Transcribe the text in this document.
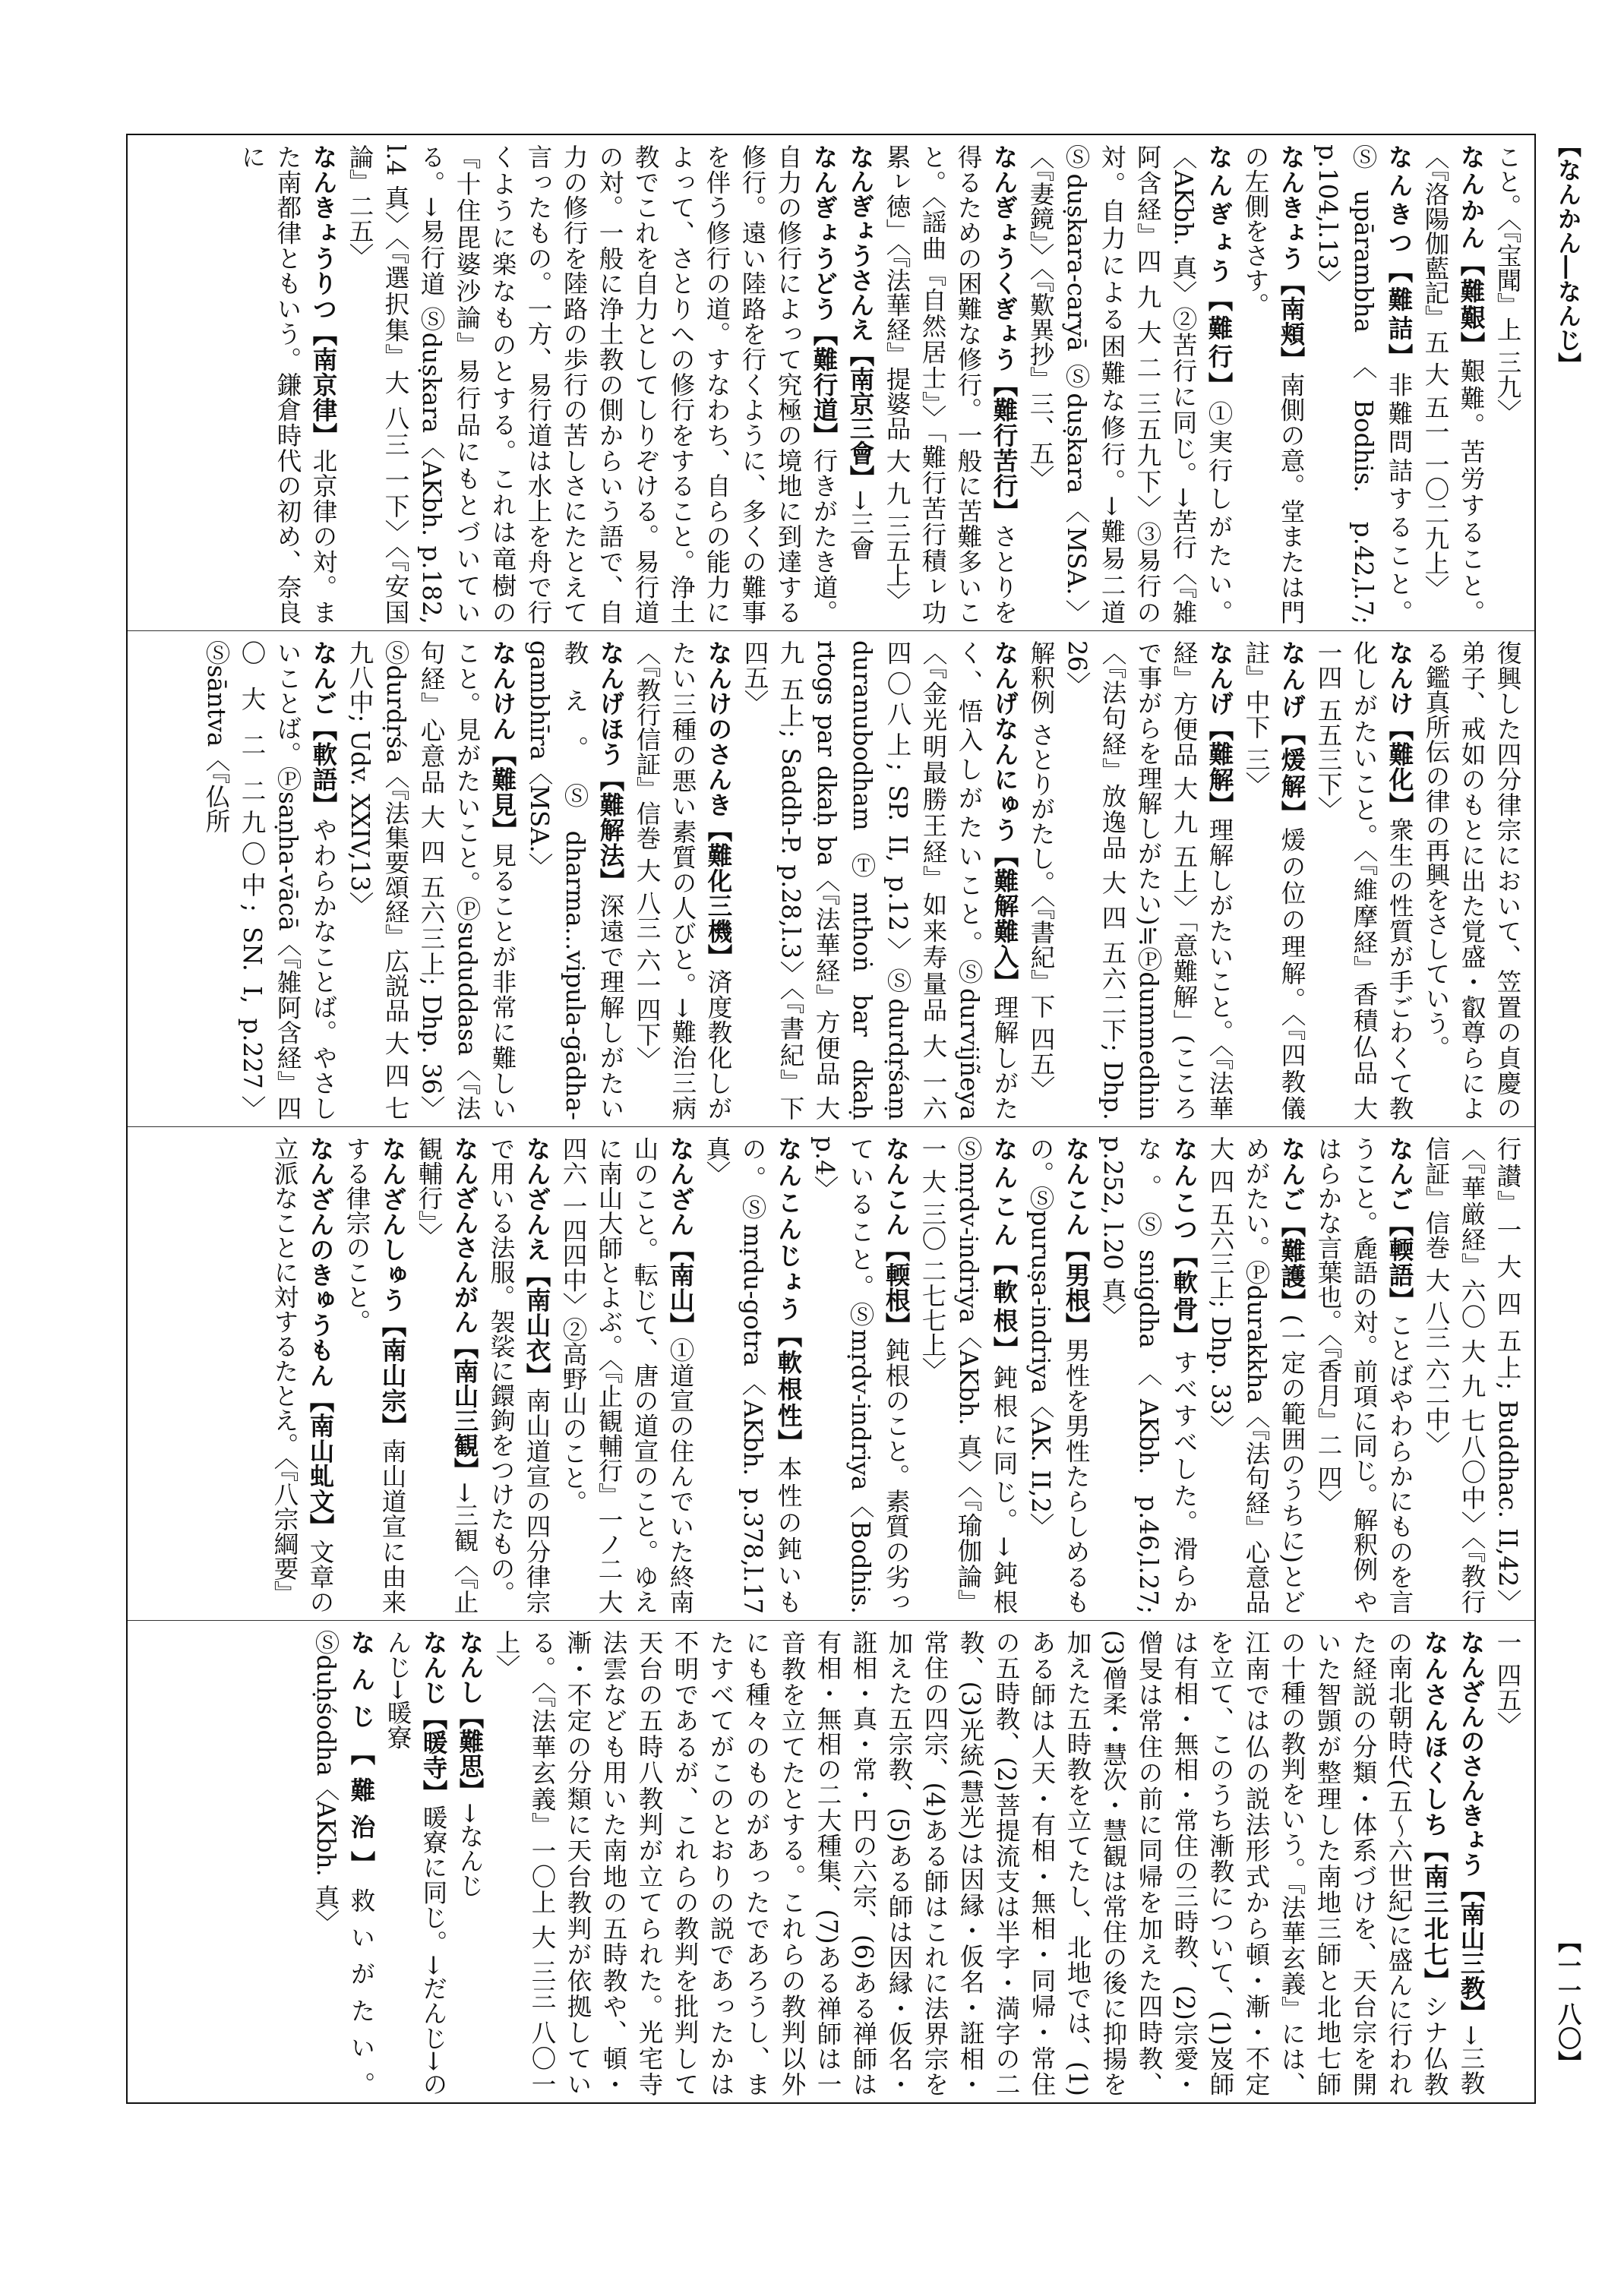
【なんかん―なんじ】
【一一八〇】

こと。〈『宝聞』上 三九〉

なんかん【難艱】艱難。苦労すること。〈『洛陽伽藍記』五 大 五一 一〇二九上〉

なんきつ【難詰】非難問詰すること。Ⓢupārambha〈Bodhis. p.42,l.7; p.104,l.13〉

なんきょう【南頬】南側の意。堂または門の左側をさす。

なんぎょう【難行】①実行しがたい。〈AKbh. 真〉②苦行に同じ。→苦行〈『雑阿含経』四 九 大 二 三五九下〉③易行の対。自力による困難な修行。→難易二道 Ⓢduṣkara-caryā Ⓢduṣkara〈MSA.〉〈『妻鏡』〉〈『歎異抄』三、五〉

なんぎょうくぎょう【難行苦行】さとりを得るための困難な修行。一般に苦難多いこと。〈謡曲『自然居士』〉「難行苦行積ㇾ功累ㇾ徳」〈『法華経』提婆品 大 九 三五上〉

なんぎょうさんえ【南京三會】→三會

なんぎょうどう【難行道】行きがたき道。自力の修行によって究極の境地に到達する修行。遠い陸路を行くように、多くの難事を伴う修行の道。すなわち、自らの能力によって、さとりへの修行をすること。浄土教でこれを自力としてしりぞける。易行道の対。一般に浄土教の側からいう語で、自力の修行を陸路の歩行の苦しさにたとえて言ったもの。一方、易行道は水上を舟で行くように楽なものとする。これは竜樹の『十住毘婆沙論』易行品にもとづいている。→易行道 Ⓢduṣkara〈AKbh. p.182, l.4 真〉〈『選択集』大 八三 一下〉〈『安国論』二五〉

なんきょうりつ【南京律】北京律の対。また南都律ともいう。鎌倉時代の初め、奈良に

復興した四分律宗において、笠置の貞慶の弟子、戒如のもとに出た覚盛・叡尊らによる鑑真所伝の律の再興をさしていう。

なんけ【難化】衆生の性質が手ごわくて教化しがたいこと。〈『維摩経』香積仏品 大 一四 五五三下〉

なんげ【煖解】煖の位の理解。〈『四教儀註』中下 三〉

なんげ【難解】理解しがたいこと。〈『法華経』方便品 大 九 五上〉「意難解」(こころで事がらを理解しがたい)≒Ⓟdummedhin〈『法句経』放逸品 大 四 五六二下; Dhp. 26〉

解釈例 さとりがたし。〈『書紀』下 四五〉

なんげなんにゅう【難解難入】理解しがたく、悟入しがたいこと。Ⓢdurvijñeya〈『金光明最勝王経』如来寿量品 大 一六 四〇八上; SP. II, p.12〉Ⓢdurdṛśaṃ duranubodham Ⓣmthoṅ bar dkaḥ rtogs par dkaḥ ba〈『法華経』方便品 大 九 五上; Saddh-P. p.28,l.3〉〈『書紀』下 四五〉

なんけのさんき【難化三機】済度教化しがたい三種の悪い素質の人びと。→難治三病〈『教行信証』信巻 大 八三 六一四下〉

なんげほう【難解法】深遠で理解しがたい教え。Ⓢdharma...vipula-gādha-gambhīra〈MSA.〉

なんけん【難見】見ることが非常に難しいこと。見がたいこと。Ⓟsududdasa〈『法句経』心意品 大 四 五六三上; Dhp. 36〉Ⓢdurdṛśa〈『法集要頌経』広説品 大 四 七九八中; Udv. XXIV,13〉

なんご【軟語】やわらかなことば。やさしいことば。Ⓟsaṇha-vācā〈『雑阿含経』四〇 大 二 二九〇中; SN. I, p.227〉Ⓢsāntva〈『仏所

行讃』一 大 四 五上; Buddhac. II,42〉〈『華厳経』六〇 大 九 七八〇中〉〈『教行信証』信巻 大 八三 六二中〉

なんご【輭語】ことばやわらかにものを言うこと。麁語の対。前項に同じ。解釈例 やはらかな言葉也。〈『香月』二 四〉

なんご【難護】(一定の範囲のうちに)とどめがたい。Ⓟdurakkha〈『法句経』心意品 大 四 五六三上; Dhp. 33〉

なんこつ【軟骨】すべすべした。滑らかな。Ⓢsnigdha〈AKbh. p.46,l.27; p.252, l.20 真〉

なんこん【男根】男性を男性たらしめるもの。Ⓢpuruṣa-indriya〈AK. II,2〉

なんこん【軟根】鈍根に同じ。→鈍根 Ⓢmṛdv-indriya〈AKbh. 真〉〈『瑜伽論』一 大 三〇 二七七上〉

なんこん【輭根】鈍根のこと。素質の劣っていること。Ⓢmṛdv-indriya〈Bodhis. p.4〉

なんこんじょう【軟根性】本性の鈍いもの。Ⓢmṛdu-gotra〈AKbh. p.378,l.17 真〉

なんざん【南山】①道宣の住んでいた終南山のこと。転じて、唐の道宣のこと。ゆえに南山大師とよぶ。〈『止観輔行』一ノ二 大 四六 一四四中〉②高野山のこと。

なんざんえ【南山衣】南山道宣の四分律宗で用いる法服。袈裟に鐶鉤をつけたもの。

なんざんさんがん【南山三観】→三観〈『止観輔行』〉

なんざんしゅう【南山宗】南山道宣に由来する律宗のこと。

なんざんのきゅうもん【南山虬文】文章の立派なことに対するたとえ。〈『八宗綱要』

一 四五〉

なんざんのさんきょう【南山三教】→三教

なんさんほくしち【南三北七】シナ仏教の南北朝時代(五〜六世紀)に盛んに行われた経説の分類・体系づけを、天台宗を開いた智顗が整理した南地三師と北地七師の十種の教判をいう。『法華玄義』には、江南では仏の説法形式から頓・漸・不定を立て、このうち漸教について、(1)岌師は有相・無相・常住の三時教、(2)宗愛・僧旻は常住の前に同帰を加えた四時教、(3)僧柔・慧次・慧観は常住の後に抑揚を加えた五時教を立てたし、北地では、(1)ある師は人天・有相・無相・同帰・常住の五時教、(2)菩提流支は半字・満字の二教、(3)光統(慧光)は因縁・仮名・誑相・常住の四宗、(4)ある師はこれに法界宗を加えた五宗教、(5)ある師は因縁・仮名・誑相・真・常・円の六宗、(6)ある禅師は有相・無相の二大種集、(7)ある禅師は一音教を立てたとする。これらの教判以外にも種々のものがあったであろうし、またすべてがこのとおりの説であったかは不明であるが、これらの教判を批判して天台の五時八教判が立てられた。光宅寺法雲なども用いた南地の五時教や、頓・漸・不定の分類に天台教判が依拠している。〈『法華玄義』一〇上 大 三三 八〇一上〉

なんし【難思】→なんじ

なんじ【暖寺】暖寮に同じ。→だんじ→のんじ→暖寮

なんじ【難治】救いがたい。Ⓢduḥśodha〈AKbh. 真〉
